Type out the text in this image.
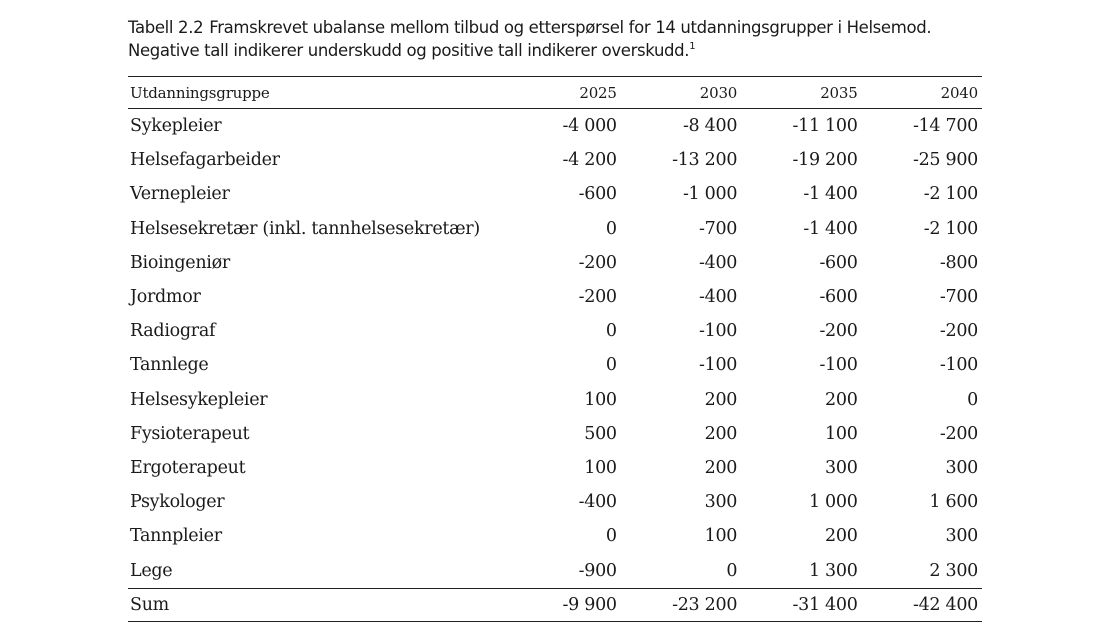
Tabell 2.2 Framskrevet ubalanse mellom tilbud og etterspørsel for 14 utdanningsgrupper i Helsemod. Negative tall indikerer underskudd og positive tall indikerer overskudd.$^1$

Utdanningsgruppe	2025	2030	2035	2040
Sykepleier	-4 000	-8 400	-11 100	-14 700
Helsefagarbeider	-4 200	-13 200	-19 200	-25 900
Vernepleier	-600	-1 000	-1 400	-2 100
Helsesekretær (inkl. tannhelsesekretær)	0	-700	-1 400	-2 100
Bioingeniør	-200	-400	-600	-800
Jordmor	-200	-400	-600	-700
Radiograf	0	-100	-200	-200
Tannlege	0	-100	-100	-100
Helsesykepleier	100	200	200	0
Fysioterapeut	500	200	100	-200
Ergoterapeut	100	200	300	300
Psykologer	-400	300	1 000	1 600
Tannpleier	0	100	200	300
Lege	-900	0	1 300	2 300
Sum	-9 900	-23 200	-31 400	-42 400
